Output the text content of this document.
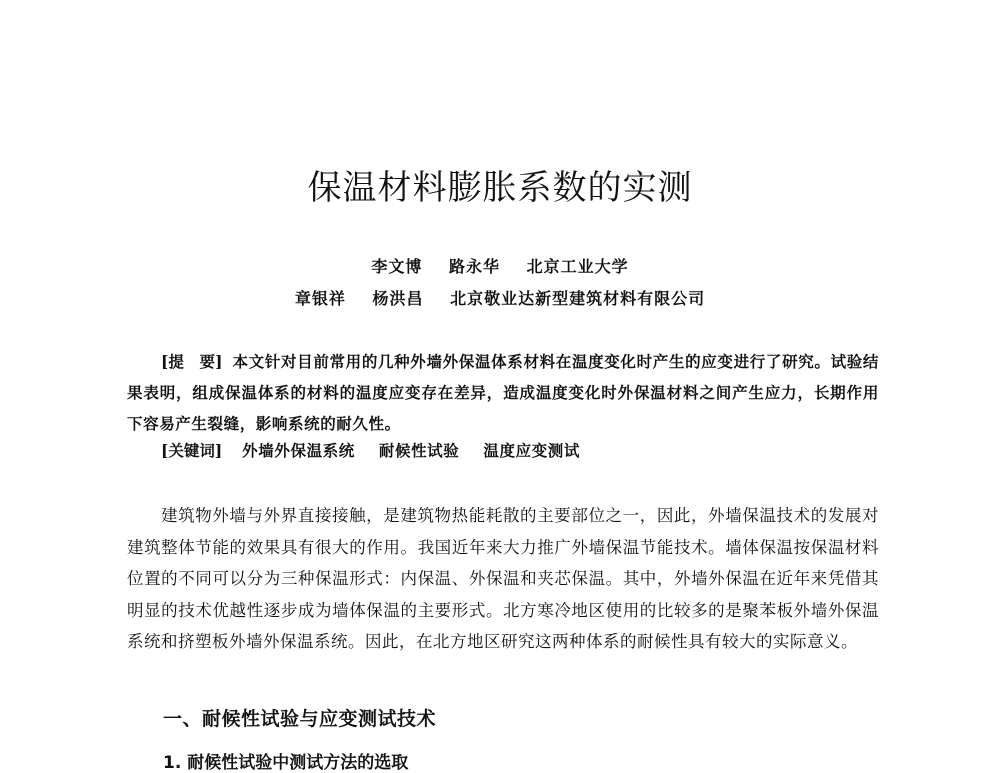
保温材料膨胀系数的实测
李文博 路永华 北京工业大学
章银祥 杨洪昌 北京敬业达新型建筑材料有限公司
[提　要] 本文针对目前常用的几种外墙外保温体系材料在温度变化时产生的应变进行了研究。试验结果表明，组成保温体系的材料的温度应变存在差异，造成温度变化时外保温材料之间产生应力，长期作用下容易产生裂缝，影响系统的耐久性。
[关键词] 外墙外保温系统 耐候性试验 温度应变测试
建筑物外墙与外界直接接触，是建筑物热能耗散的主要部位之一，因此，外墙保温技术的发展对建筑整体节能的效果具有很大的作用。我国近年来大力推广外墙保温节能技术。墙体保温按保温材料位置的不同可以分为三种保温形式：内保温、外保温和夹芯保温。其中，外墙外保温在近年来凭借其明显的技术优越性逐步成为墙体保温的主要形式。北方寒冷地区使用的比较多的是聚苯板外墙外保温系统和挤塑板外墙外保温系统。因此，在北方地区研究这两种体系的耐候性具有较大的实际意义。
一、耐候性试验与应变测试技术
1. 耐候性试验中测试方法的选取
